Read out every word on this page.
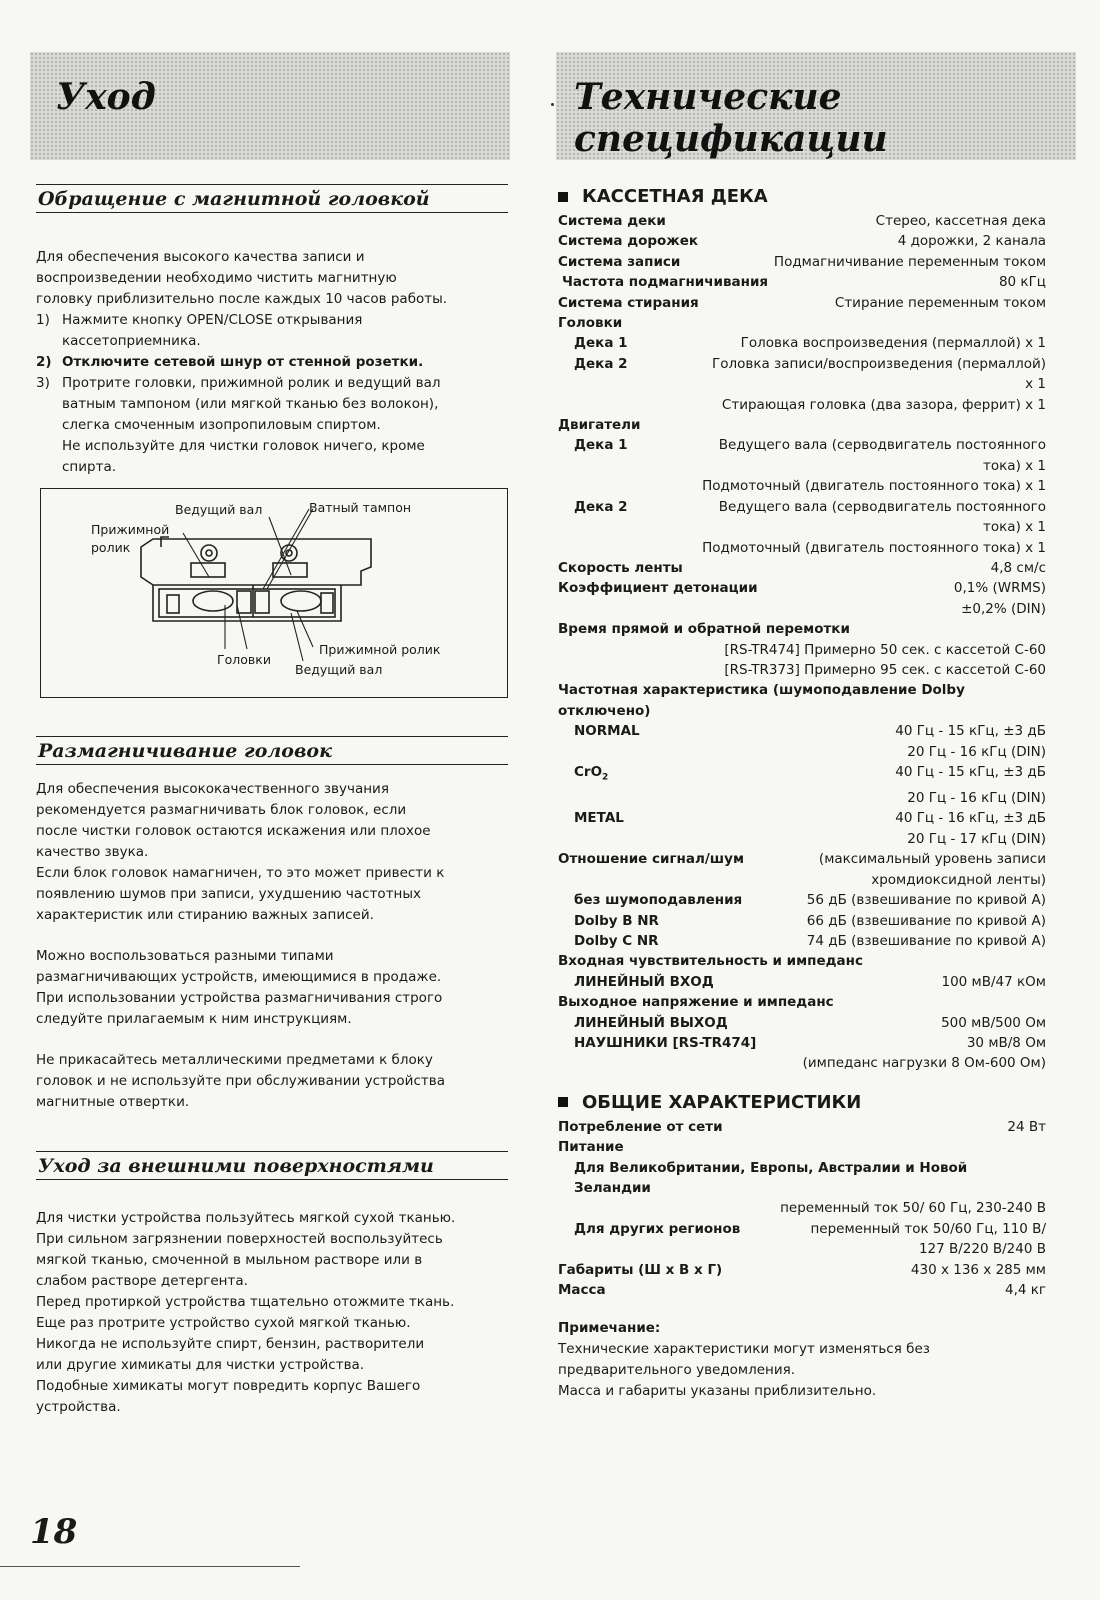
Уход	Технические спецификации
Обращение с магнитной головкой

Для обеспечения высокого качества записи и

воспроизведении необходимо чистить магнитную

головку приблизительно после каждых 10 часов работы.

1) Нажмите кнопку OPEN/CLOSE открывания
кассетоприемника.
2) Отключите сетевой шнур от стенной розетки.
3) Протрите головки, прижимной ролик и ведущий вал
ватным тампоном (или мягкой тканью без волокон),
слегка смоченным изопропиловым спиртом.
Не используйте для чистки головок ничего, кроме
спирта.
Ведущий вал	Ватный тампон
Прижимной
ролик
Головки
Прижимной ролик
Ведущий вал
Размагничивание головок

Для обеспечения высококачественного звучания

рекомендуется размагничивать блок головок, если

после чистки головок остаются искажения или плохое

качество звука.

Если блок головок намагничен, то это может привести к

появлению шумов при записи, ухудшению частотных

характеристик или стиранию важных записей.

Можно воспользоваться разными типами

размагничивающих устройств, имеющимися в продаже.

При использовании устройства размагничивания строго

следуйте прилагаемым к ним инструкциям.

Не прикасайтесь металлическими предметами к блоку

головок и не используйте при обслуживании устройства

магнитные отвертки.

Уход за внешними поверхностями

Для чистки устройства пользуйтесь мягкой сухой тканью.

При сильном загрязнении поверхностей воспользуйтесь

мягкой тканью, смоченной в мыльном растворе или в

слабом растворе детергента.

Перед протиркой устройства тщательно отожмите ткань.

Еще раз протрите устройство сухой мягкой тканью.

Никогда не используйте спирт, бензин, растворители

или другие химикаты для чистки устройства.

Подобные химикаты могут повредить корпус Вашего

устройства.

КАССЕТНАЯ ДЕКА
Система деки	Стерео, кассетная дека
Система дорожек	4 дорожки, 2 канала
Система записи	Подмагничивание переменным током
Частота подмагничивания	80 кГц
Система стирания	Стирание переменным током
Головки
Дека 1	Головка воспроизведения (пермаллой) x 1
Дека 2	Головка записи/воспроизведения (пермаллой)
x 1
Стирающая головка (два зазора, феррит) x 1
Двигатели
Дека 1	Ведущего вала (серводвигатель постоянного
тока) x 1
Подмоточный (двигатель постоянного тока) x 1
Дека 2	Ведущего вала (серводвигатель постоянного
тока) x 1
Подмоточный (двигатель постоянного тока) x 1
Скорость ленты	4,8 см/с
Коэффициент детонации	0,1% (WRMS)
±0,2% (DIN)
Время прямой и обратной перемотки
[RS-TR474] Примерно 50 сек. с кассетой С-60
[RS-TR373] Примерно 95 сек. с кассетой С-60
Частотная характеристика (шумоподавление Dolby
отключено)
NORMAL	40 Гц - 15 кГц, ±3 дБ
20 Гц - 16 кГц (DIN)
CrO$_2$	40 Гц - 15 кГц, ±3 дБ
20 Гц - 16 кГц (DIN)
METAL	40 Гц - 16 кГц, ±3 дБ
20 Гц - 17 кГц (DIN)
Отношение сигнал/шум	(максимальный уровень записи
хромдиоксидной ленты)
без шумоподавления	56 дБ (взвешивание по кривой А)
Dolby B NR	66 дБ (взвешивание по кривой А)
Dolby C NR	74 дБ (взвешивание по кривой А)
Входная чувствительность и импеданс
ЛИНЕЙНЫЙ ВХОД	100 мВ/47 кОм
Выходное напряжение и импеданс
ЛИНЕЙНЫЙ ВЫХОД	500 мВ/500 Ом
НАУШНИКИ [RS-TR474]	30 мВ/8 Ом
(импеданс нагрузки 8 Ом-600 Ом)
ОБЩИЕ ХАРАКТЕРИСТИКИ
Потребление от сети	24 Вт
Питание
Для Великобритании, Европы, Австралии и Новой
Зеландии
переменный ток 50/ 60 Гц, 230-240 В
Для других регионов	переменный ток 50/60 Гц, 110 В/
127 В/220 В/240 В
Габариты (Ш x В x Г)	430 x 136 x 285 мм
Масса	4,4 кг
Примечание:
Технические характеристики могут изменяться без
предварительного уведомления.
Масса и габариты указаны приблизительно.
18
